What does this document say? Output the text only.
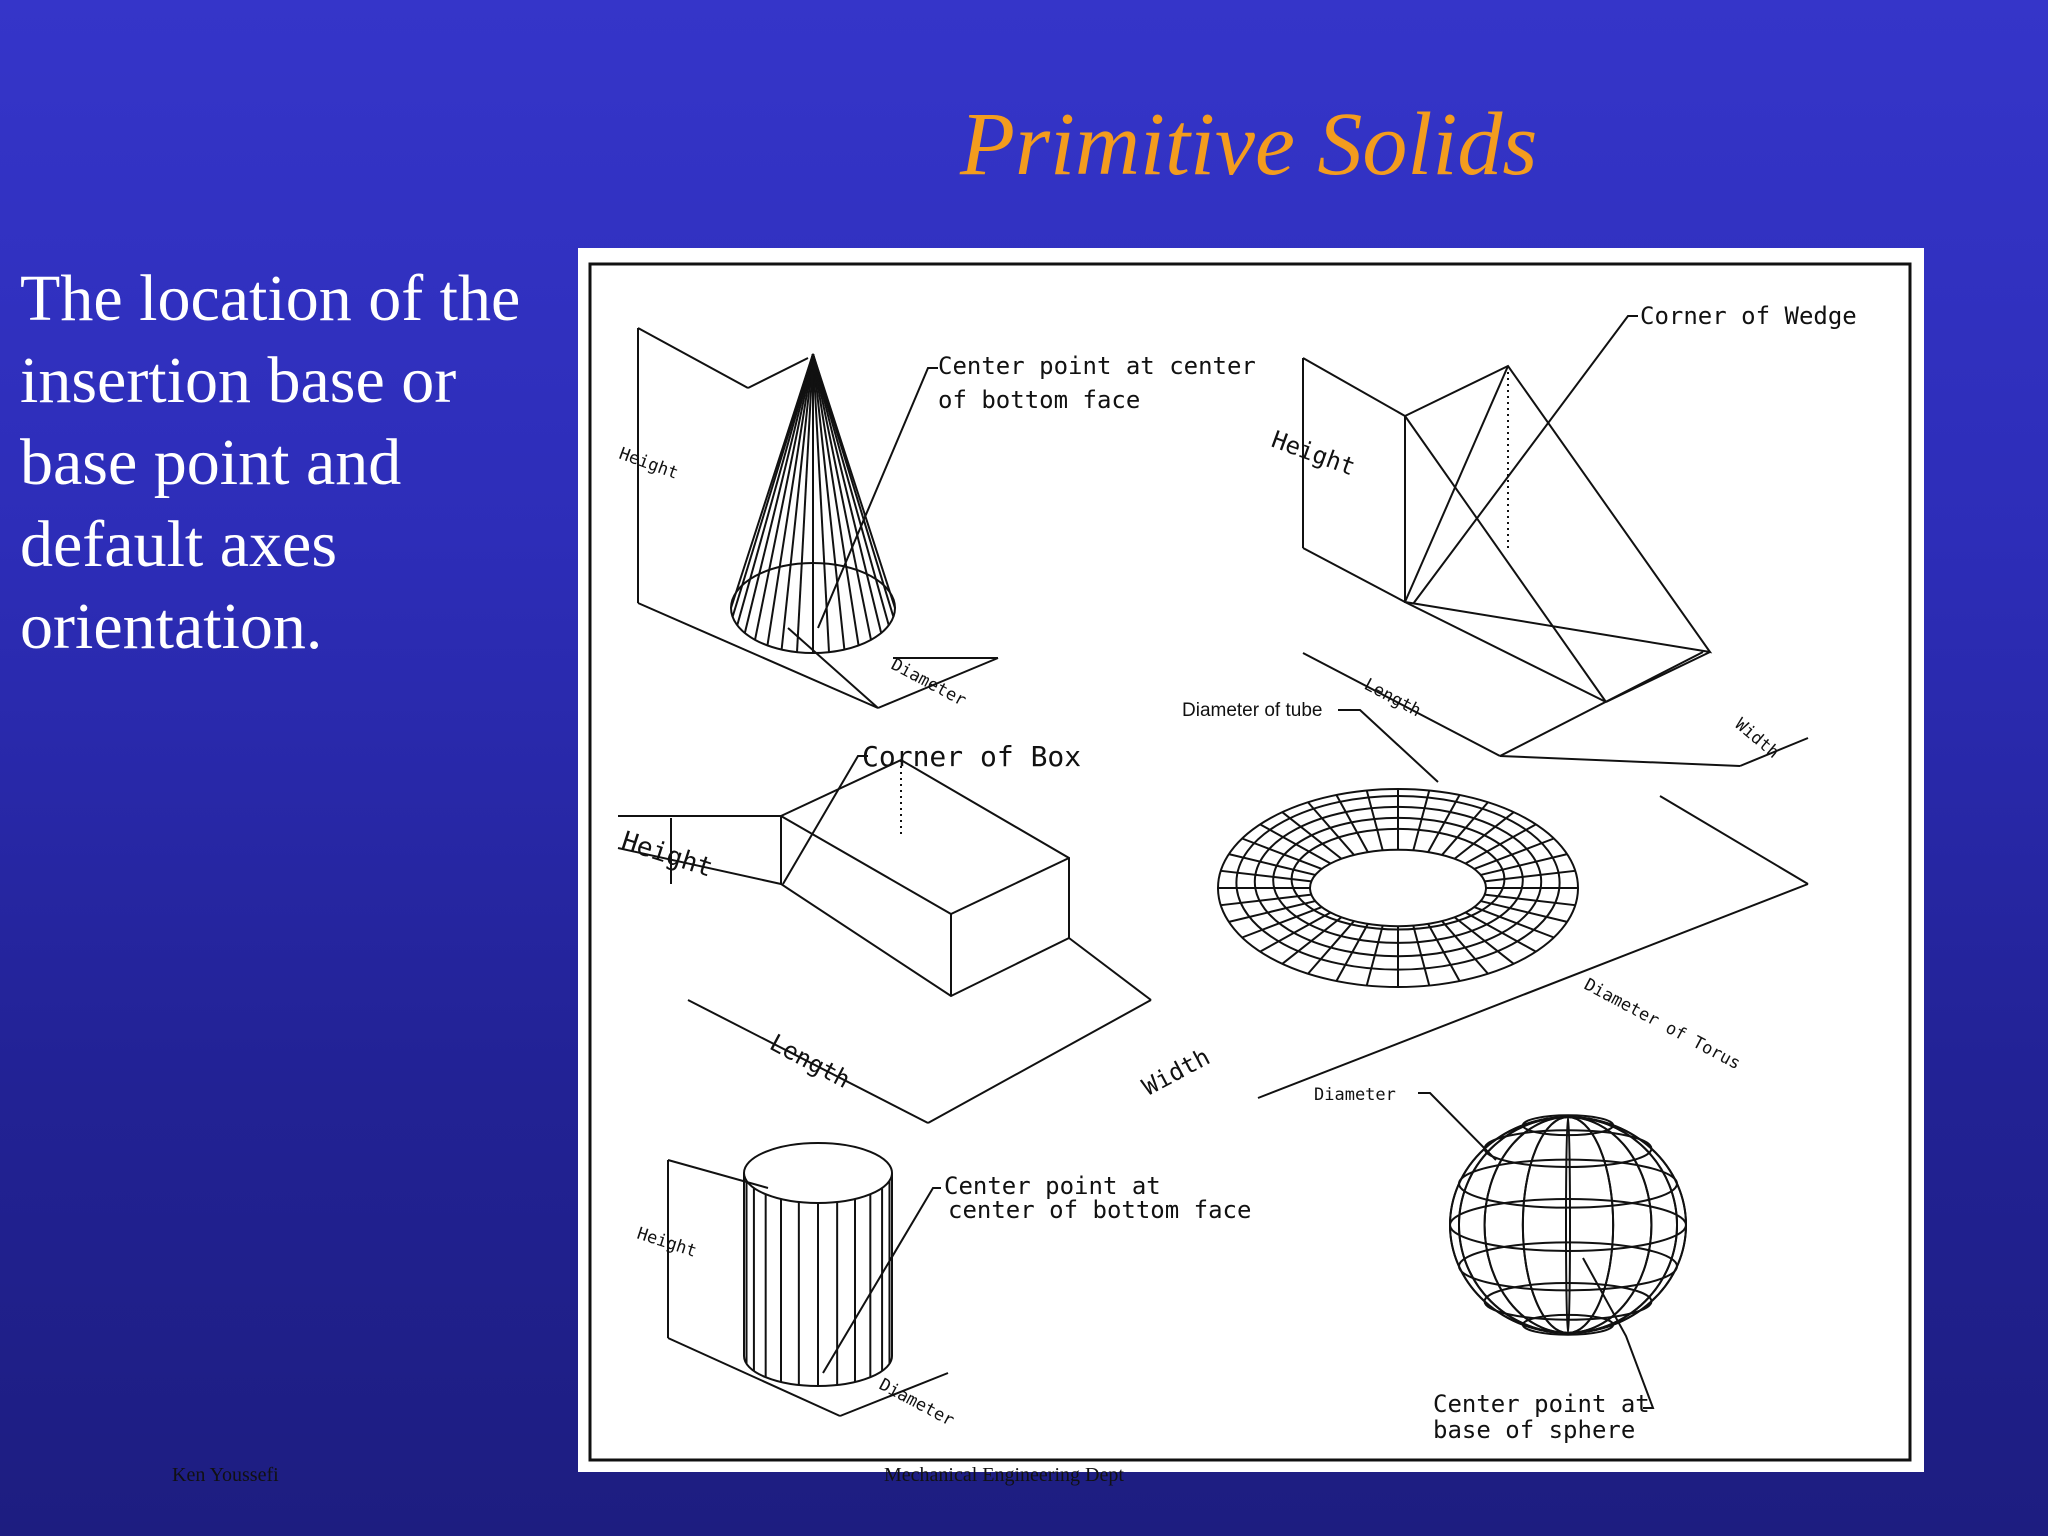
Primitive Solids
The location of the insertion base or base point and default axes orientation.
Center point at center
of bottom face
Height
Diameter
Corner of Wedge
Height
Length
Width
Corner of Box
Height
Length	Width
Diameter of tube
Diameter of Torus
Center point at
center of bottom face
Height
Diameter
Diameter
Center point at
base of sphere
Ken Youssefi	Mechanical Engineering Dept
